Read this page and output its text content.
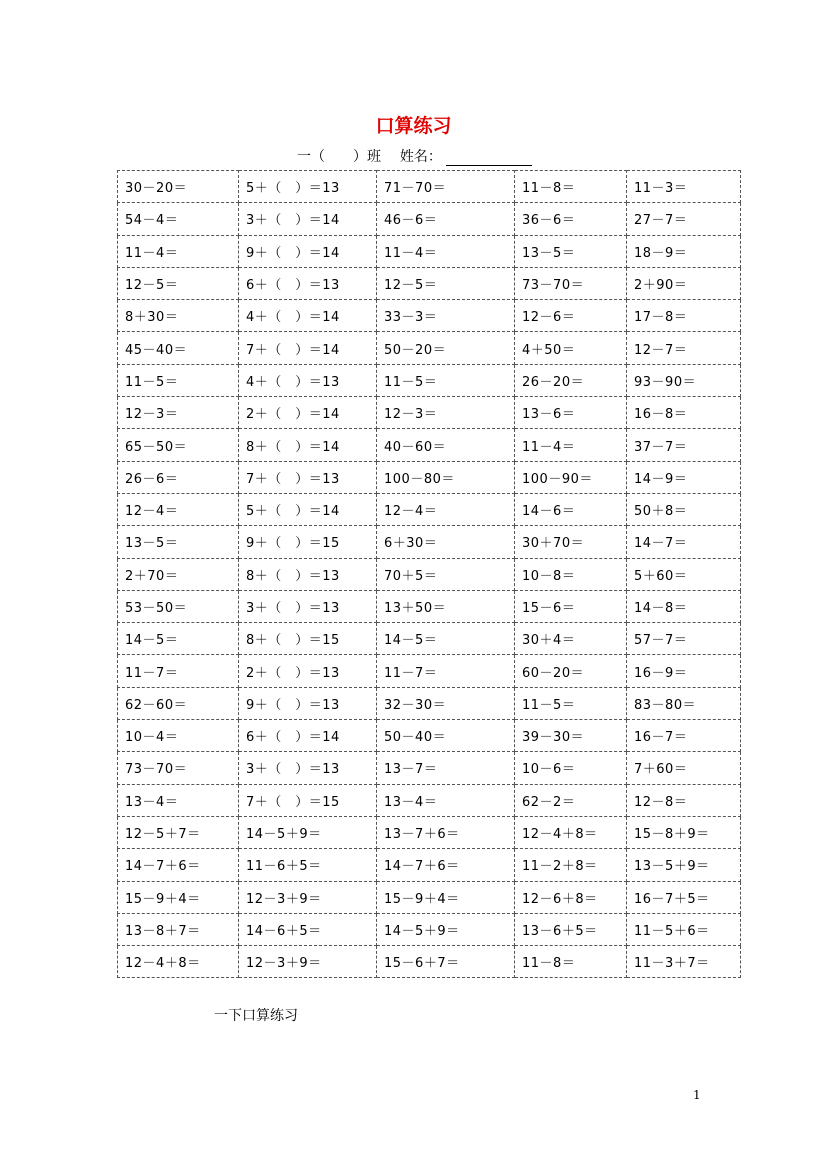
口算练习
一（　　）班 姓名：
30－20＝	5＋（　）＝13	71－70＝	11－8＝	11－3＝
54－4＝	3＋（　）＝14	46－6＝	36－6＝	27－7＝
11－4＝	9＋（　）＝14	11－4＝	13－5＝	18－9＝
12－5＝	6＋（　）＝13	12－5＝	73－70＝	2＋90＝
8＋30＝	4＋（　）＝14	33－3＝	12－6＝	17－8＝
45－40＝	7＋（　）＝14	50－20＝	4＋50＝	12－7＝
11－5＝	4＋（　）＝13	11－5＝	26－20＝	93－90＝
12－3＝	2＋（　）＝14	12－3＝	13－6＝	16－8＝
65－50＝	8＋（　）＝14	40－60＝	11－4＝	37－7＝
26－6＝	7＋（　）＝13	100－80＝	100－90＝	14－9＝
12－4＝	5＋（　）＝14	12－4＝	14－6＝	50＋8＝
13－5＝	9＋（　）＝15	6＋30＝	30＋70＝	14－7＝
2＋70＝	8＋（　）＝13	70＋5＝	10－8＝	5＋60＝
53－50＝	3＋（　）＝13	13＋50＝	15－6＝	14－8＝
14－5＝	8＋（　）＝15	14－5＝	30＋4＝	57－7＝
11－7＝	2＋（　）＝13	11－7＝	60－20＝	16－9＝
62－60＝	9＋（　）＝13	32－30＝	11－5＝	83－80＝
10－4＝	6＋（　）＝14	50－40＝	39－30＝	16－7＝
73－70＝	3＋（　）＝13	13－7＝	10－6＝	7＋60＝
13－4＝	7＋（　）＝15	13－4＝	62－2＝	12－8＝
12－5＋7＝	14－5＋9＝	13－7＋6＝	12－4＋8＝	15－8＋9＝
14－7＋6＝	11－6＋5＝	14－7＋6＝	11－2＋8＝	13－5＋9＝
15－9＋4＝	12－3＋9＝	15－9＋4＝	12－6＋8＝	16－7＋5＝
13－8＋7＝	14－6＋5＝	14－5＋9＝	13－6＋5＝	11－5＋6＝
12－4＋8＝	12－3＋9＝	15－6＋7＝	11－8＝	11－3＋7＝
一下口算练习
1
